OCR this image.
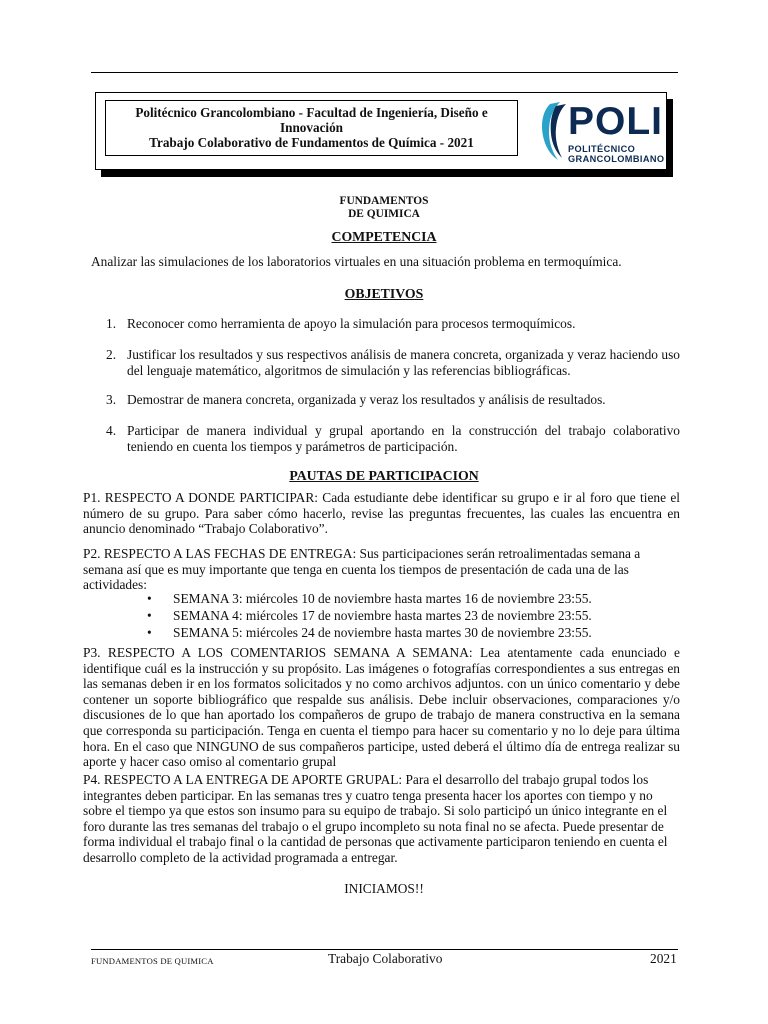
Politécnico Grancolombiano - Facultad de Ingeniería, Diseño e
Innovación
Trabajo Colaborativo de Fundamentos de Química - 2021	POLI
POLITÉCNICO
GRANCOLOMBIANO
FUNDAMENTOS
DE QUIMICA
COMPETENCIA
Analizar las simulaciones de los laboratorios virtuales en una situación problema en termoquímica.
OBJETIVOS
1. Reconocer como herramienta de apoyo la simulación para procesos termoquímicos.
2. Justificar los resultados y sus respectivos análisis de manera concreta, organizada y veraz haciendo uso del lenguaje matemático, algoritmos de simulación y las referencias bibliográficas.
3. Demostrar de manera concreta, organizada y veraz los resultados y análisis de resultados.
4. Participar de manera individual y grupal aportando en la construcción del trabajo colaborativo teniendo en cuenta los tiempos y parámetros de participación.
PAUTAS DE PARTICIPACION
P1. RESPECTO A DONDE PARTICIPAR: Cada estudiante debe identificar su grupo e ir al foro que tiene el número de su grupo. Para saber cómo hacerlo, revise las preguntas frecuentes, las cuales las encuentra en anuncio denominado “Trabajo Colaborativo”.
P2. RESPECTO A LAS FECHAS DE ENTREGA: Sus participaciones serán retroalimentadas semana a semana así que es muy importante que tenga en cuenta los tiempos de presentación de cada una de las actividades:
• SEMANA 3: miércoles 10 de noviembre hasta martes 16 de noviembre 23:55.
• SEMANA 4: miércoles 17 de noviembre hasta martes 23 de noviembre 23:55.
• SEMANA 5: miércoles 24 de noviembre hasta martes 30 de noviembre 23:55.
P3. RESPECTO A LOS COMENTARIOS SEMANA A SEMANA: Lea atentamente cada enunciado e identifique cuál es la instrucción y su propósito. Las imágenes o fotografías correspondientes a sus entregas en las semanas deben ir en los formatos solicitados y no como archivos adjuntos. con un único comentario y debe contener un soporte bibliográfico que respalde sus análisis. Debe incluir observaciones, comparaciones y/o discusiones de lo que han aportado los compañeros de grupo de trabajo de manera constructiva en la semana que corresponda su participación. Tenga en cuenta el tiempo para hacer su comentario y no lo deje para última hora. En el caso que NINGUNO de sus compañeros participe, usted deberá el último día de entrega realizar su aporte y hacer caso omiso al comentario grupal
P4. RESPECTO A LA ENTREGA DE APORTE GRUPAL: Para el desarrollo del trabajo grupal todos los integrantes deben participar. En las semanas tres y cuatro tenga presenta hacer los aportes con tiempo y no sobre el tiempo ya que estos son insumo para su equipo de trabajo. Si solo participó un único integrante en el foro durante las tres semanas del trabajo o el grupo incompleto su nota final no se afecta. Puede presentar de forma individual el trabajo final o la cantidad de personas que activamente participaron teniendo en cuenta el desarrollo completo de la actividad programada a entregar.
INICIAMOS!!
FUNDAMENTOS DE QUIMICA	Trabajo Colaborativo	2021
